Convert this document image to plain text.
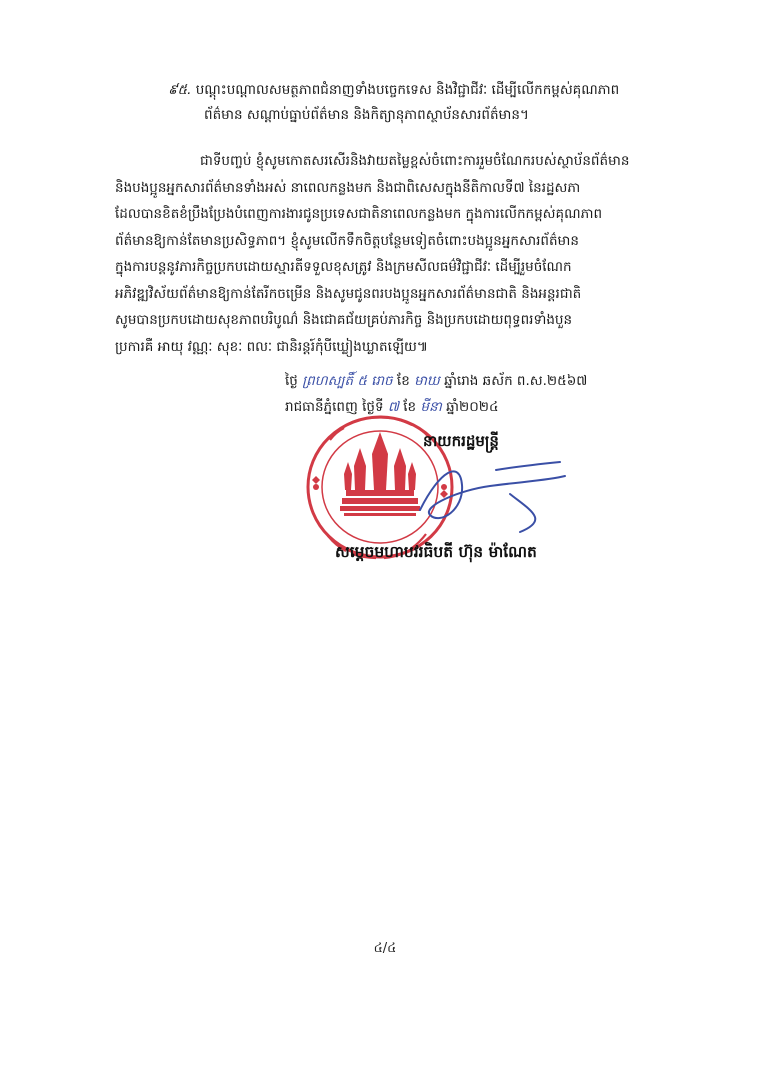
៩៥. បណ្តុះបណ្តាលសមត្ថភាពជំនាញទាំងបច្ចេកទេស និងវិជ្ជាជីវៈ ដើម្បីលើកកម្ពស់គុណភាព
ព័ត៌មាន សណ្តាប់ធ្នាប់ព័ត៌មាន និងកិត្យានុភាពស្ថាប័នសារព័ត៌មាន។
ជាទីបញ្ចប់ ខ្ញុំសូមកោតសរសើរនិងវាយតម្លៃខ្ពស់ចំពោះការរួមចំណែករបស់ស្ថាប័នព័ត៌មាន
និងបងប្អូនអ្នកសារព័ត៌មានទាំងអស់ នាពេលកន្លងមក និងជាពិសេសក្នុងនីតិកាលទី៧ នៃរដ្ឋសភា
ដែលបានខិតខំប្រឹងប្រែងបំពេញការងារជូនប្រទេសជាតិនាពេលកន្លងមក ក្នុងការលើកកម្ពស់គុណភាព
ព័ត៌មានឱ្យកាន់តែមានប្រសិទ្ធភាព។ ខ្ញុំសូមលើកទឹកចិត្តបន្ថែមទៀតចំពោះបងប្អូនអ្នកសារព័ត៌មាន
ក្នុងការបន្តនូវភារកិច្ចប្រកបដោយស្មារតីទទួលខុសត្រូវ និងក្រមសីលធម៌វិជ្ជាជីវៈ ដើម្បីរួមចំណែក
អភិវឌ្ឍវិស័យព័ត៌មានឱ្យកាន់តែរីកចម្រើន និងសូមជូនពរបងប្អូនអ្នកសារព័ត៌មានជាតិ និងអន្តរជាតិ
សូមបានប្រកបដោយសុខភាពបរិបូណ៌ និងជោគជ័យគ្រប់ភារកិច្ច និងប្រកបដោយពុទ្ធពរទាំងបួន
ប្រការគឺ អាយុ វណ្ណៈ សុខៈ ពលៈ ជានិរន្តរ៍កុំបីឃ្លៀងឃ្លាតឡើយ៕
ថ្ងៃ ព្រហស្បតិ៍ ៥ រោច ខែ មាឃ ឆ្នាំរោង ឆស័ក ព.ស.២៥៦៧
រាជធានីភ្នំពេញ ថ្ងៃទី ៧ ខែ មីនា ឆ្នាំ២០២៤
នាយករដ្ឋមន្ត្រី
សម្តេចមហាបវរធិបតី ហ៊ុន ម៉ាណែត
៤/៤
